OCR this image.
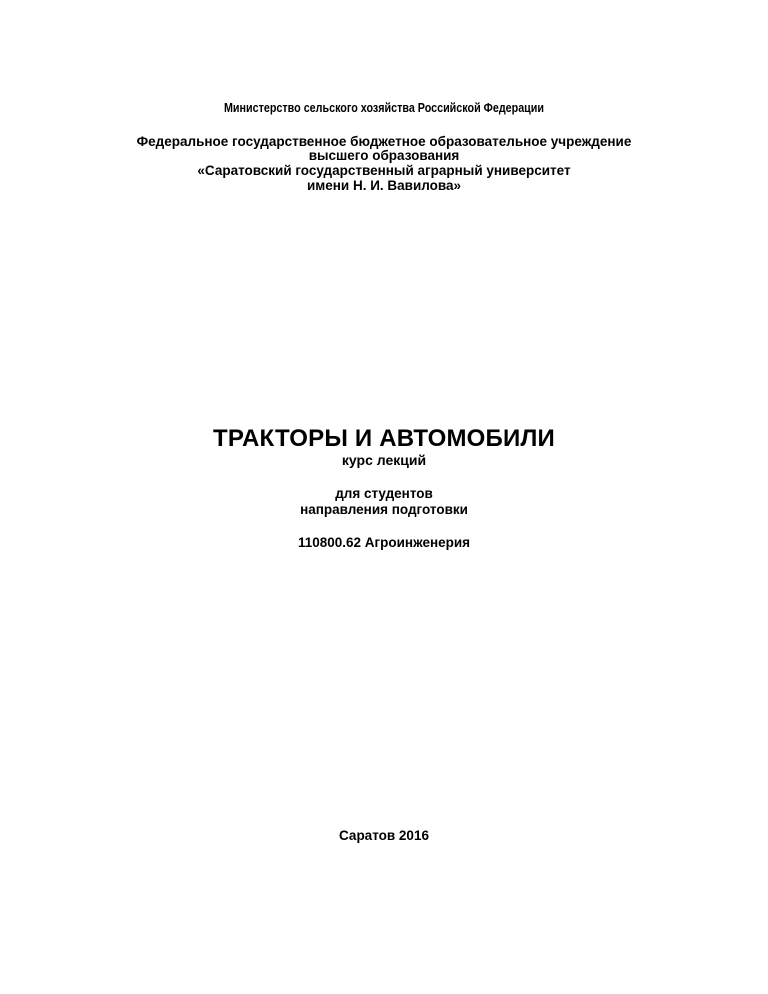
Министерство сельского хозяйства Российской Федерации
Федеральное государственное бюджетное образовательное учреждение
высшего образования
«Саратовский государственный аграрный университет
имени Н. И. Вавилова»
ТРАКТОРЫ И АВТОМОБИЛИ
курс лекций
для студентов
направления подготовки
110800.62 Агроинженерия
Саратов 2016
